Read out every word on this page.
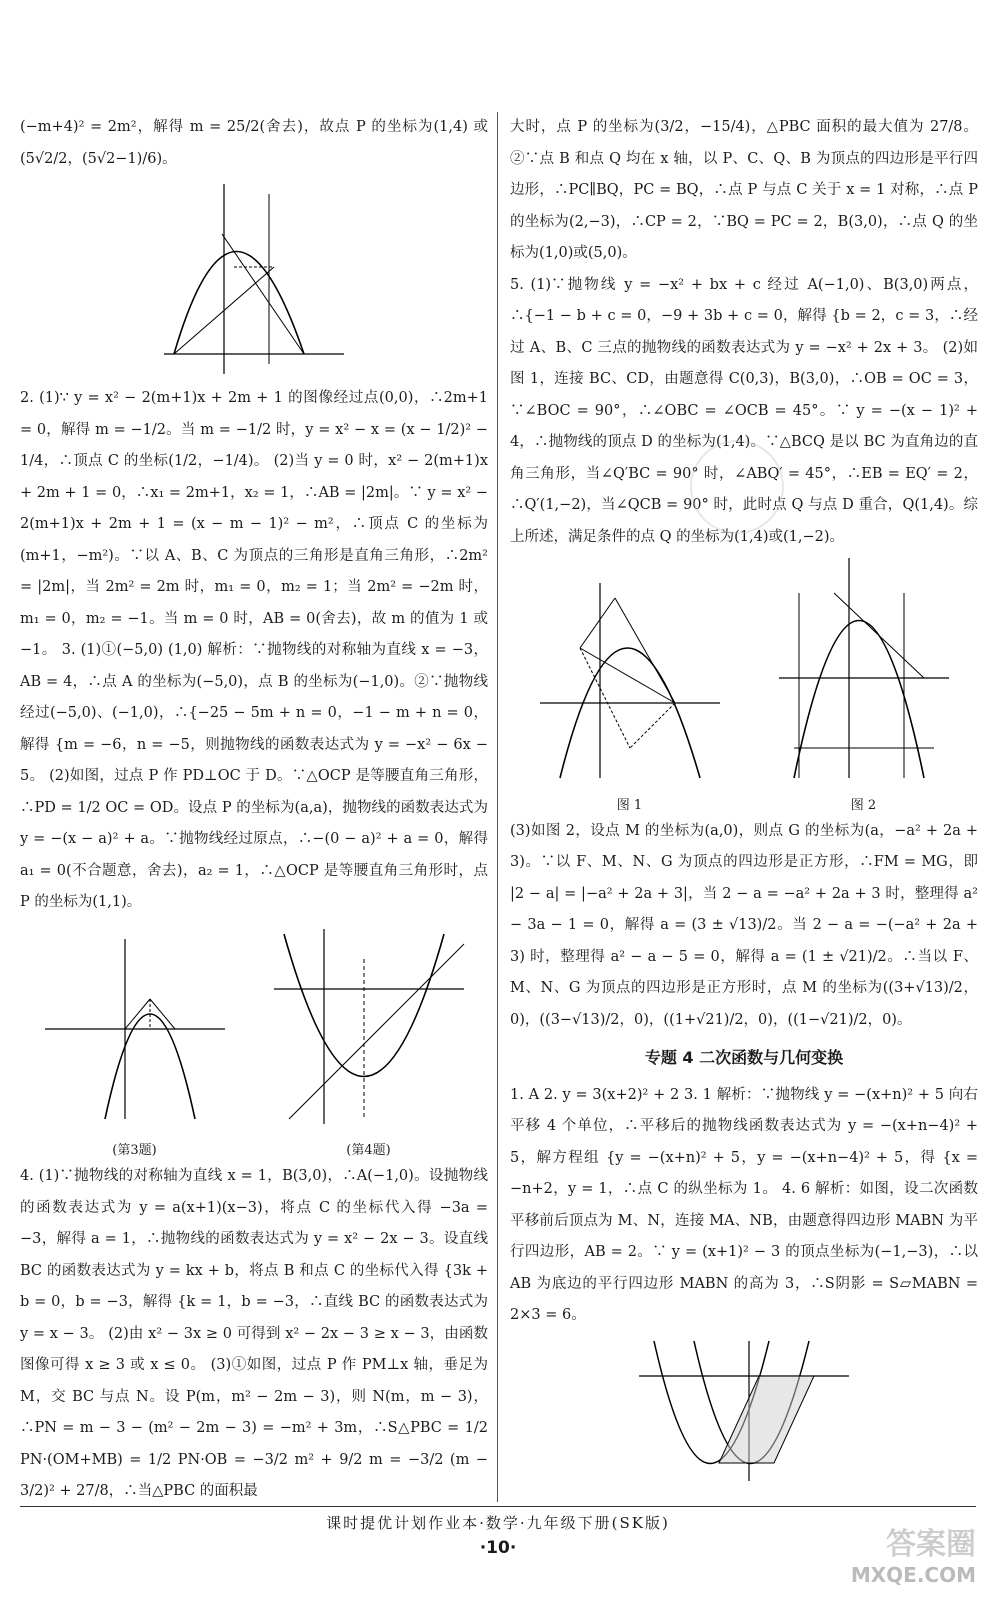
(−m+4)² = 2m²，解得 m = 25/2(舍去)，故点 P 的坐标为(1,4) 或(5√2/2，(5√2−1)/6)。

2. (1)∵ y = x² − 2(m+1)x + 2m + 1 的图像经过点(0,0)，∴2m+1 = 0，解得 m = −1/2。当 m = −1/2 时，y = x² − x = (x − 1/2)² − 1/4，∴顶点 C 的坐标(1/2，−1/4)。 (2)当 y = 0 时，x² − 2(m+1)x + 2m + 1 = 0，∴x₁ = 2m+1，x₂ = 1，∴AB = |2m|。∵ y = x² − 2(m+1)x + 2m + 1 = (x − m − 1)² − m²，∴顶点 C 的坐标为(m+1，−m²)。∵以 A、B、C 为顶点的三角形是直角三角形，∴2m² = |2m|，当 2m² = 2m 时，m₁ = 0，m₂ = 1；当 2m² = −2m 时，m₁ = 0，m₂ = −1。当 m = 0 时，AB = 0(舍去)，故 m 的值为 1 或 −1。 3. (1)①(−5,0) (1,0) 解析：∵抛物线的对称轴为直线 x = −3，AB = 4，∴点 A 的坐标为(−5,0)，点 B 的坐标为(−1,0)。②∵抛物线经过(−5,0)、(−1,0)，∴{−25 − 5m + n = 0，−1 − m + n = 0，解得 {m = −6，n = −5，则抛物线的函数表达式为 y = −x² − 6x − 5。 (2)如图，过点 P 作 PD⊥OC 于 D。∵△OCP 是等腰直角三角形，∴PD = 1/2 OC = OD。设点 P 的坐标为(a,a)，抛物线的函数表达式为 y = −(x − a)² + a。∵抛物线经过原点，∴−(0 − a)² + a = 0，解得 a₁ = 0(不合题意，舍去)，a₂ = 1，∴△OCP 是等腰直角三角形时，点 P 的坐标为(1,1)。

(第3题)	(第4题)

4. (1)∵抛物线的对称轴为直线 x = 1，B(3,0)，∴A(−1,0)。设抛物线的函数表达式为 y = a(x+1)(x−3)，将点 C 的坐标代入得 −3a = −3，解得 a = 1，∴抛物线的函数表达式为 y = x² − 2x − 3。设直线 BC 的函数表达式为 y = kx + b，将点 B 和点 C 的坐标代入得 {3k + b = 0，b = −3，解得 {k = 1，b = −3，∴直线 BC 的函数表达式为 y = x − 3。 (2)由 x² − 3x ≥ 0 可得到 x² − 2x − 3 ≥ x − 3，由函数图像可得 x ≥ 3 或 x ≤ 0。 (3)①如图，过点 P 作 PM⊥x 轴，垂足为 M，交 BC 与点 N。设 P(m，m² − 2m − 3)，则 N(m，m − 3)，∴PN = m − 3 − (m² − 2m − 3) = −m² + 3m，∴S△PBC = 1/2 PN·(OM+MB) = 1/2 PN·OB = −3/2 m² + 9/2 m = −3/2 (m − 3/2)² + 27/8，∴当△PBC 的面积最

大时，点 P 的坐标为(3/2，−15/4)，△PBC 面积的最大值为 27/8。②∵点 B 和点 Q 均在 x 轴，以 P、C、Q、B 为顶点的四边形是平行四边形，∴PC∥BQ，PC = BQ，∴点 P 与点 C 关于 x = 1 对称，∴点 P 的坐标为(2,−3)，∴CP = 2，∵BQ = PC = 2，B(3,0)，∴点 Q 的坐标为(1,0)或(5,0)。

5. (1)∵抛物线 y = −x² + bx + c 经过 A(−1,0)、B(3,0)两点，∴{−1 − b + c = 0，−9 + 3b + c = 0，解得 {b = 2，c = 3，∴经过 A、B、C 三点的抛物线的函数表达式为 y = −x² + 2x + 3。 (2)如图 1，连接 BC、CD，由题意得 C(0,3)，B(3,0)，∴OB = OC = 3，∵∠BOC = 90°，∴∠OBC = ∠OCB = 45°。∵ y = −(x − 1)² + 4，∴抛物线的顶点 D 的坐标为(1,4)。∵△BCQ 是以 BC 为直角边的直角三角形，当∠Q′BC = 90° 时，∠ABQ′ = 45°，∴EB = EQ′ = 2，∴Q′(1,−2)，当∠QCB = 90° 时，此时点 Q 与点 D 重合，Q(1,4)。综上所述，满足条件的点 Q 的坐标为(1,4)或(1,−2)。

图 1	图 2

(3)如图 2，设点 M 的坐标为(a,0)，则点 G 的坐标为(a，−a² + 2a + 3)。∵以 F、M、N、G 为顶点的四边形是正方形，∴FM = MG，即 |2 − a| = |−a² + 2a + 3|，当 2 − a = −a² + 2a + 3 时，整理得 a² − 3a − 1 = 0，解得 a = (3 ± √13)/2。当 2 − a = −(−a² + 2a + 3) 时，整理得 a² − a − 5 = 0，解得 a = (1 ± √21)/2。∴当以 F、M、N、G 为顶点的四边形是正方形时，点 M 的坐标为((3+√13)/2，0)，((3−√13)/2，0)，((1+√21)/2，0)，((1−√21)/2，0)。

专题 4 二次函数与几何变换

1. A 2. y = 3(x+2)² + 2 3. 1 解析：∵抛物线 y = −(x+n)² + 5 向右平移 4 个单位，∴平移后的抛物线函数表达式为 y = −(x+n−4)² + 5，解方程组 {y = −(x+n)² + 5，y = −(x+n−4)² + 5，得 {x = −n+2，y = 1，∴点 C 的纵坐标为 1。 4. 6 解析：如图，设二次函数平移前后顶点为 M、N，连接 MA、NB，由题意得四边形 MABN 为平行四边形，AB = 2。∵ y = (x+1)² − 3 的顶点坐标为(−1,−3)，∴以 AB 为底边的平行四边形 MABN 的高为 3，∴S阴影 = S▱MABN = 2×3 = 6。

课时提优计划作业本·数学·九年级下册(SK版)
·10·	答案圈
MXQE.COM
